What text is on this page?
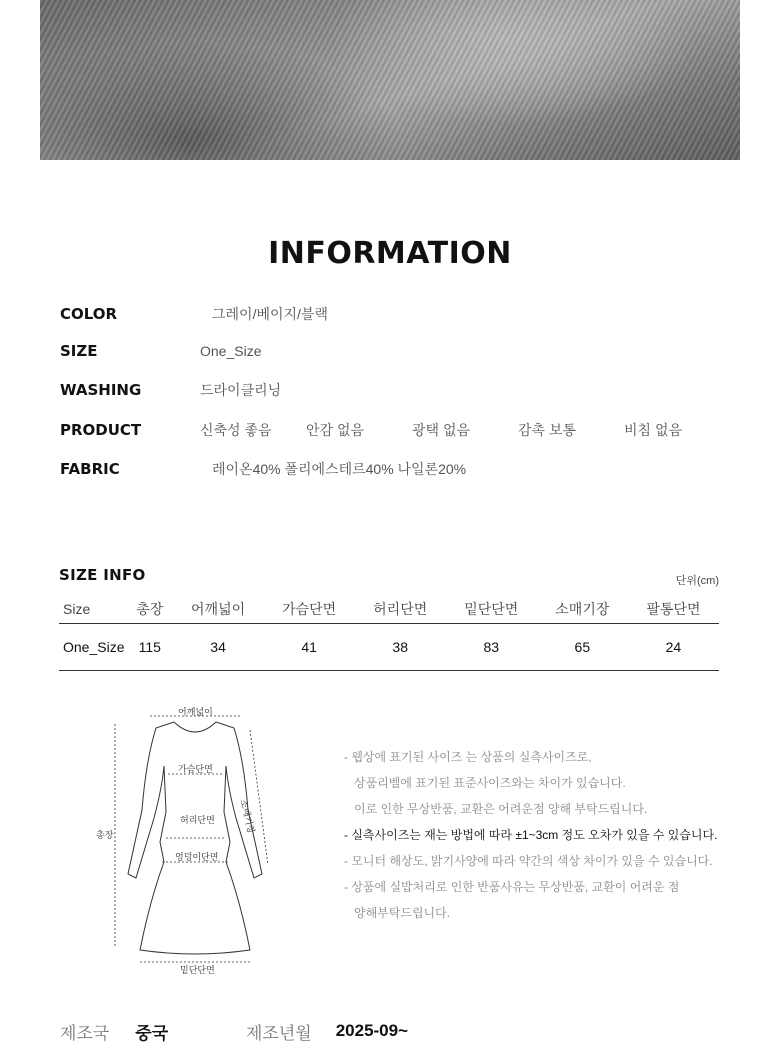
INFORMATION
COLOR	그레이/베이지/블랙
SIZE	One_Size
WASHING	드라이클리닝
PRODUCT	신축성 좋음	안감 없음	광택 없음	감촉 보통	비침 없음
FABRIC	레이온40% 폴리에스테르40% 나일론20%
SIZE INFO	단위(cm)
Size	총장	어깨넓이	가슴단면	허리단면	밑단단면	소매기장	팔통단면
One_Size	115	34	41	38	83	65	24
어깨넓이
가슴단면
허리단면
엉덩이단면
밑단단면
소매기장
총장
- 웹상에 표기된 사이즈 는 상품의 실측사이즈로,
상품리벨에 표기된 표준사이즈와는 차이가 있습니다.
이로 인한 무상반품, 교환은 어려운점 양해 부탁드립니다.
- 실측사이즈는 재는 방법에 따라 ±1~3cm 정도 오차가 있을 수 있습니다.
- 모니터 해상도, 밝기사양에 따라 약간의 색상 차이가 있을 수 있습니다.
- 상품에 실밥처리로 인한 반품사유는 무상반품, 교환이 어려운 점
양해부탁드립니다.
제조국 중국	제조년월 2025-09~
